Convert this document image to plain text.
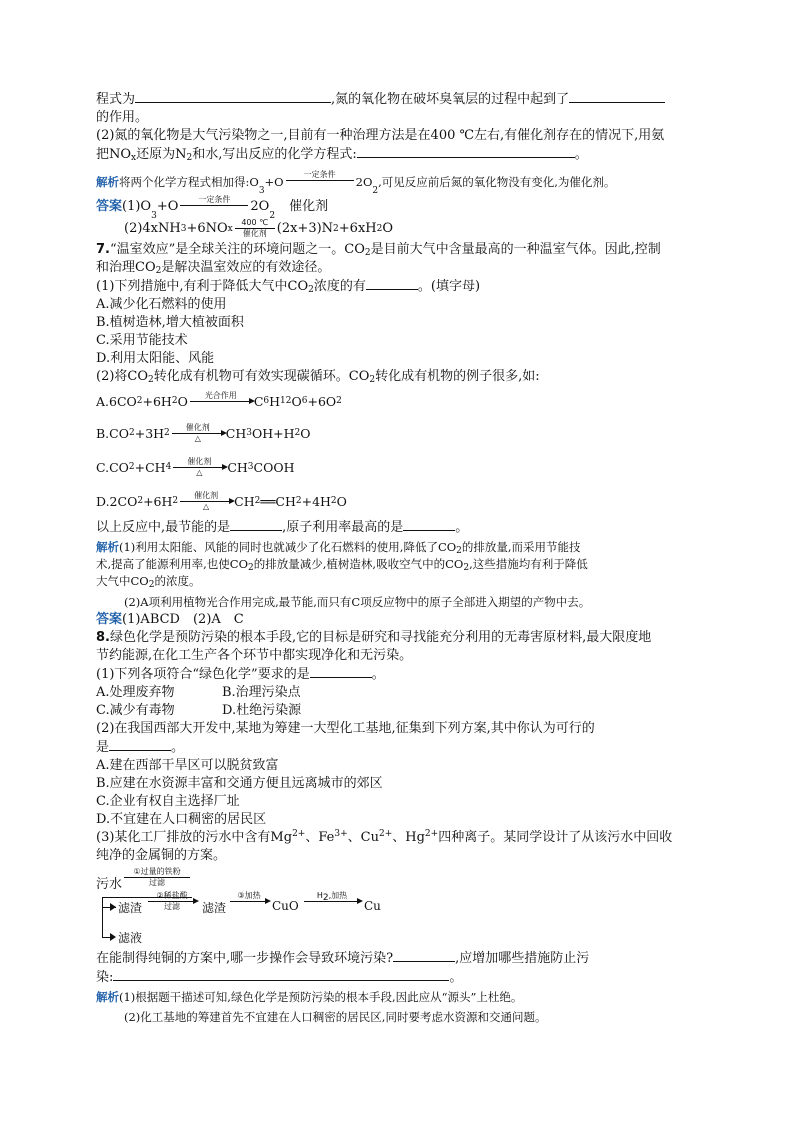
程式为	,氮的氧化物在破坏臭氧层的过程中起到了
的作用。
(2)氮的氧化物是大气污染物之一,目前有一种治理方法是在400 ℃左右,有催化剂存在的情况下,用氨
把$NO_x$还原为$N_2$和水,写出反应的化学方程式:	。
解析 将两个化学方程式相加得:O
3
+O
一定条件

2O
2
,可见反应前后氮的氧化物没有变化,为催化剂。
答案 (1)O
3
+O	一定条件
	2O
2
催化剂
(2)4xNH 3 +6NO x
400 ℃
催化剂 (2x+3)N 2 +6xH 2 O
7.“温室效应”是全球关注的环境问题之一。$CO_2$是目前大气中含量最高的一种温室气体。因此,控制
和治理$CO_2$是解决温室效应的有效途径。
(1)下列措施中,有利于降低大气中$CO_2$浓度的有	。(填字母)
A.减少化石燃料的使用
B.植树造林,增大植被面积
C.采用节能技术
D.利用太阳能、风能
(2)将$CO_2$转化成有机物可有效实现碳循环。$CO_2$转化成有机物的例子很多,如:
A.6CO 2 +6H 2 O	光合作用
	C 6 H 12 O 6 +6O 2
B.CO 2 +3H 2
催化剂
△	CH 3 OH+H 2 O
C.CO 2 +CH 4
催化剂
△	CH 3 COOH
D.2CO 2 +6H 2
催化剂
△	CH 2 ══ CH 2 +4H 2 O
以上反应中,最节能的是	,原子利用率最高的是	。
解析(1)利用太阳能、风能的同时也就减少了化石燃料的使用,降低了$CO_2$的排放量,而采用节能技
术,提高了能源利用率,也使$CO_2$的排放量减少,植树造林,吸收空气中的$CO_2$,这些措施均有利于降低
大气中$CO_2$的浓度。
(2)A项利用植物光合作用完成,最节能,而只有C项反应物中的原子全部进入期望的产物中去。
答案(1)ABCD　(2)A　C
8.绿色化学是预防污染的根本手段,它的目标是研究和寻找能充分利用的无毒害原材料,最大限度地
节约能源,在化工生产各个环节中都实现净化和无污染。
(1)下列各项符合“绿色化学”要求的是	。
A.处理废弃物	B.治理污染点
C.减少有毒物	D.杜绝污染源
(2)在我国西部大开发中,某地为筹建一大型化工基地,征集到下列方案,其中你认为可行的
是	。
A.建在西部干旱区可以脱贫致富
B.应建在水资源丰富和交通方便且远离城市的郊区
C.企业有权自主选择厂址
D.不宜建在人口稠密的居民区
(3)某化工厂排放的污水中含有$Mg^{2+}$、$Fe^{3+}$、$Cu^{2+}$、$Hg^{2+}$四种离子。某同学设计了从该污水中回收
纯净的金属铜的方案。
污水
①过量的铁粉
过滤
滤渣
②稀盐酸
过滤	滤渣
③加热

CuO
$H_2$,加热

Cu
滤液
在能制得纯铜的方案中,哪一步操作会导致环境污染?	,应增加哪些措施防止污
染:	。
解析(1)根据题干描述可知,绿色化学是预防污染的根本手段,因此应从“源头”上杜绝。
(2)化工基地的筹建首先不宜建在人口稠密的居民区,同时要考虑水资源和交通问题。
